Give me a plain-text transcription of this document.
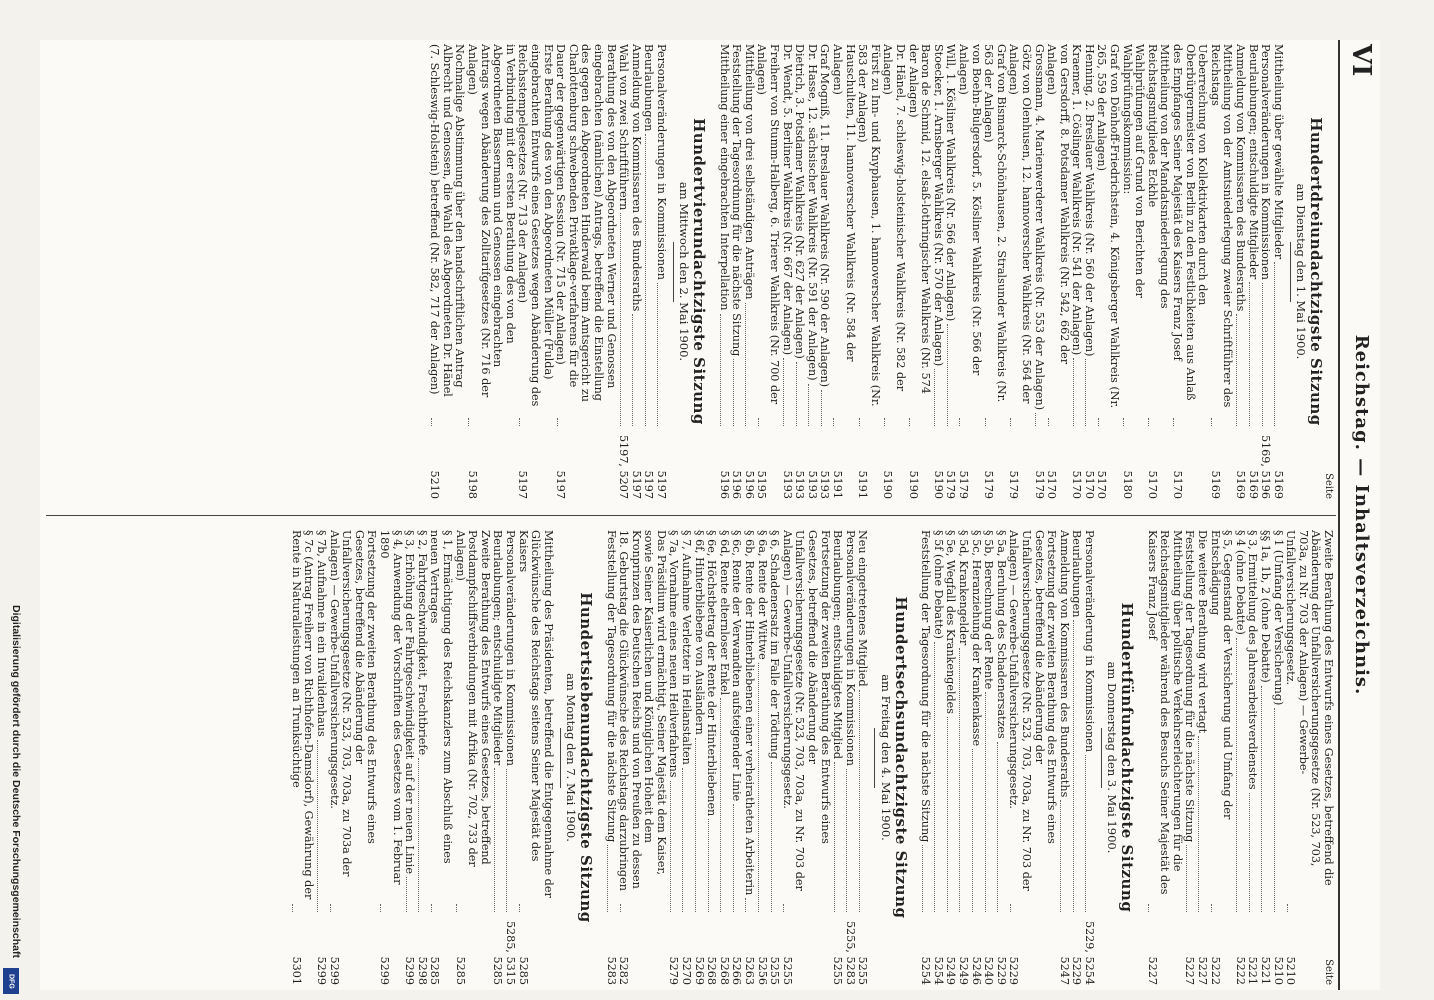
VI
Reichstag. — Inhaltsverzeichnis.
Seite
Hundertdreiundachtzigste Sitzung
am Dienstag den 1. Mai 1900.
Mittheilung über gewählte Mitglieder
5169
Personalveränderungen in Kommissionen
5169, 5196
Beurlaubungen; entschuldigte Mitglieder
5169
Anmeldung von Kommissaren des Bundesraths
5169
Mittheilung von der Amtsniederlegung zweier Schriftführer des Reichstags
5169
Ueberreichung von Kollektivkarten durch den Oberbürgermeister von Berlin zu den Festlichkeiten aus Anlaß des Empfanges Seiner Majestät des Kaisers Franz Josef
5170
Mittheilung von der Mandatsniederlegung des Reichstagsmitgliedes Eckhle
5170
Wahlprüfungen auf Grund von Berichten der Wahlprüfungskommission:
5180
Graf von Dönhoff-Friedrichstein, 4. Königsberger Wahlkreis (Nr. 265, 559 der Anlagen)
5170
Henning, 2. Breslauer Wahlkreis (Nr. 560 der Anlagen)
5170
Kraemer, 1. Cöslinger Wahlkreis (Nr. 541 der Anlagen)
5170
von Gersdorff, 8. Potsdamer Wahlkreis (Nr. 542, 662 der Anlagen)
5170
Grossmann, 4. Marienwerderer Wahlkreis (Nr. 553 der Anlagen)
5179
Götz von Olenhusen, 12. hannoverscher Wahlkreis (Nr. 564 der Anlagen)
5179
Graf von Bismarck-Schönhausen, 2. Stralsunder Wahlkreis (Nr. 563 der Anlagen)
5179
von Boehn-Bulgersdorf, 5. Kösliner Wahlkreis (Nr. 566 der Anlagen)
5179
Will, 1. Kösliner Wahlkreis (Nr. 566 der Anlagen)
5179
Stoecker, 1. Arnsberger Wahlkreis (Nr. 570 der Anlagen)
5190
Baron de Schmid, 12. elsaß-lothringischer Wahlkreis (Nr. 574 der Anlagen)
5190
Dr. Hänel, 7. schleswig-holsteinischer Wahlkreis (Nr. 582 der Anlagen)
5190
Fürst zu Inn- und Knyphausen, 1. hannoverscher Wahlkreis (Nr. 583 der Anlagen)
5191
Hauschulten, 11. hannoverscher Wahlkreis (Nr. 584 der Anlagen)
5191
Graf Mogniß, 11. Breslauer Wahlkreis (Nr. 590 der Anlagen)
5193
Dr. Hasse, 12. sächsischer Wahlkreis (Nr. 591 der Anlagen)
5193
Dietrich, 3. Potsdamer Wahlkreis (Nr. 627 der Anlagen)
5193
Dr. Wendt, 5. Berliner Wahlkreis (Nr. 667 der Anlagen)
5193
Freiherr von Stumm-Halberg, 6. Trierer Wahlkreis (Nr. 700 der Anlagen)
5195
Mittheilung von drei selbständigen Anträgen
5196
Feststellung der Tagesordnung für die nächste Sitzung
5196
Mittheilung einer eingebrachten Interpellation
5196
Hundertvierundachtzigste Sitzung
am Mittwoch den 2. Mai 1900.
Personalveränderungen in Kommissionen
5197
Beurlaubungen
5197
Anmeldung von Kommissaren des Bundesraths
5197
Wahl von zwei Schriftführern
5197, 5207
Berathung des von den Abgeordneten Werner und Genossen eingebrachten (nämlichen) Antrags, betreffend die Einstellung des gegen den Abgeordneten Hinderwald beim Amtsgericht zu Charlottenburg schwebenden Privatklage-verfahrens für die Dauer der gegenwärtigen Session (Nr. 715 der Anlagen)
5197
Erste Berathung des von den Abgeordneten Müller (Fulda) eingebrachten Entwurfs eines Gesetzes wegen Abänderung des Reichsstempelgesetzes (Nr. 713 der Anlagen)
5197
in Verbindung mit der ersten Berathung des von den Abgeordneten Bassermann und Genossen eingebrachten Antrags wegen Abänderung des Zolltarifgesetzes (Nr. 716 der Anlagen)
5198
Nochmalige Abstimmung über den handschriftlichen Antrag Albrecht und Genossen, die Wahl des Abgeordneten Dr. Hänel (7. Schleswig-Holstein) betreffend (Nr. 582, 717 der Anlagen)
5210
Seite
Zweite Berathung des Entwurfs eines Gesetzes, betreffend die Abänderung der Unfallversicherungsgesetze (Nr. 523, 703, 703a, zu Nr. 703 der Anlagen) — Gewerbe-Unfallversicherungsgesetz.
5210
§ 1 (Umfang der Versicherung)
5210
§§ 1a, 1b, 2 (ohne Debatte)
5221
§ 3, Ermittelung des Jahresarbeitsverdienstes
5221
§ 4 (ohne Debatte)
5222
§ 5, Gegenstand der Versicherung und Umfang der Entschädigung
5222
Die weitere Berathung wird vertagt
5227
Feststellung der Tagesordnung für die nächste Sitzung
5227
Mittheilung über politische Verkehrserleichterungen für die Reichstagsmitglieder während des Besuchs Seiner Majestät des Kaisers Franz Josef
5227
Hundertfünfundachtzigste Sitzung
am Donnerstag den 3. Mai 1900.
Personalveränderung in Kommissionen
5229, 5254
Beurlaubungen
5229
Anmeldung von Kommissaren des Bundesraths
5247
Fortsetzung der zweiten Berathung des Entwurfs eines Gesetzes, betreffend die Abänderung der Unfallversicherungsgesetze (Nr. 523, 703, 703a, zu Nr. 703 der Anlagen) — Gewerbe-Unfallversicherungsgesetz.
5229
§ 5a, Beruhung des Schadenersatzes
5229
§ 5b, Berechnung der Rente
5240
§ 5c, Heranziehung der Krankenkasse
5246
§ 5d, Krankengelder
5249
§ 5e, Wegfall des Krankengeldes
5249
§ 5f (ohne Debatte)
5254
Feststellung der Tagesordnung für die nächste Sitzung
5254
Hundertsechsundachtzigste Sitzung
am Freitag den 4. Mai 1900.
Neu eingetretenes Mitglied
5255
Personalveränderungen in Kommissionen
5255, 5283
Beurlaubungen; entschuldigtes Mitglied
5255
Fortsetzung der zweiten Berathung des Entwurfs eines Gesetzes, betreffend die Abänderung der Unfallversicherungsgesetze (Nr. 523, 703, 703a, zu Nr. 703 der Anlagen) — Gewerbe-Unfallversicherungsgesetz.
5255
§ 6, Schadenersatz im Falle der Tödtung
5255
§ 6a, Rente der Wittwe
5256
§ 6b, Rente der Hinterbliebenen einer verheiratheten Arbeiterin
5263
§ 6c, Rente der Verwandten aufsteigender Linie
5266
§ 6d, Rente elternloser Enkel
5268
§ 6e, Höchstbetrag der Rente der Hinterbliebenen
5268
§ 6f, Hinterbliebene von Ausländern
5269
§ 7, Aufnahme Verletzter in Heilanstalten
5270
§ 7a, Vornahme eines neuen Heilverfahrens
5279
Das Präsidium wird ermächtigt, Seiner Majestät dem Kaiser, sowie Seiner Kaiserlichen und Königlichen Hoheit dem Kronprinzen des Deutschen Reichs und von Preußen zu dessen 18. Geburtstag die Glückwünsche des Reichstags darzubringen
5282
Feststellung der Tagesordnung für die nächste Sitzung
5283
Hundertsiebenundachtzigste Sitzung
am Montag den 7. Mai 1900.
Mittheilung des Präsidenten, betreffend die Entgegennahme der Glückwünsche des Reichstags seitens Seiner Majestät des Kaisers
5285
Personalveränderungen in Kommissionen
5285, 5315
Beurlaubungen; entschuldigte Mitglieder
5285
Zweite Berathung des Entwurfs eines Gesetzes, betreffend Postdampfschiffsverbindungen mit Afrika (Nr. 702, 733 der Anlagen)
5285
§ 1, Ermächtigung des Reichskanzlers zum Abschluß eines neuen Vertrages
5285
§ 2, Fahrtgeschwindigkeit, Frachtbriefe
5298
§ 3, Erhöhung der Fahrtgeschwindigkeit auf der neuen Linie
5299
§ 4, Anwendung der Vorschriften des Gesetzes vom 1. Februar 1890
5299
Fortsetzung der zweiten Berathung des Entwurfs eines Gesetzes, betreffend die Abänderung der Unfallversicherungsgesetze (Nr. 523, 703, 703a, zu 703a der Anlagen) — Gewerbe-Unfallversicherungsgesetz.
5299
§ 7b, Aufnahme in ein Invalidenhaus
5299
§ 7c (Antrag Freiherr von Richthofen-Damsdorf), Gewährung der Rente in Naturalleistungen an Trunksüchtige
5301
Digitalisierung gefördert durch die Deutsche Forschungsgemeinschaft
DFG
